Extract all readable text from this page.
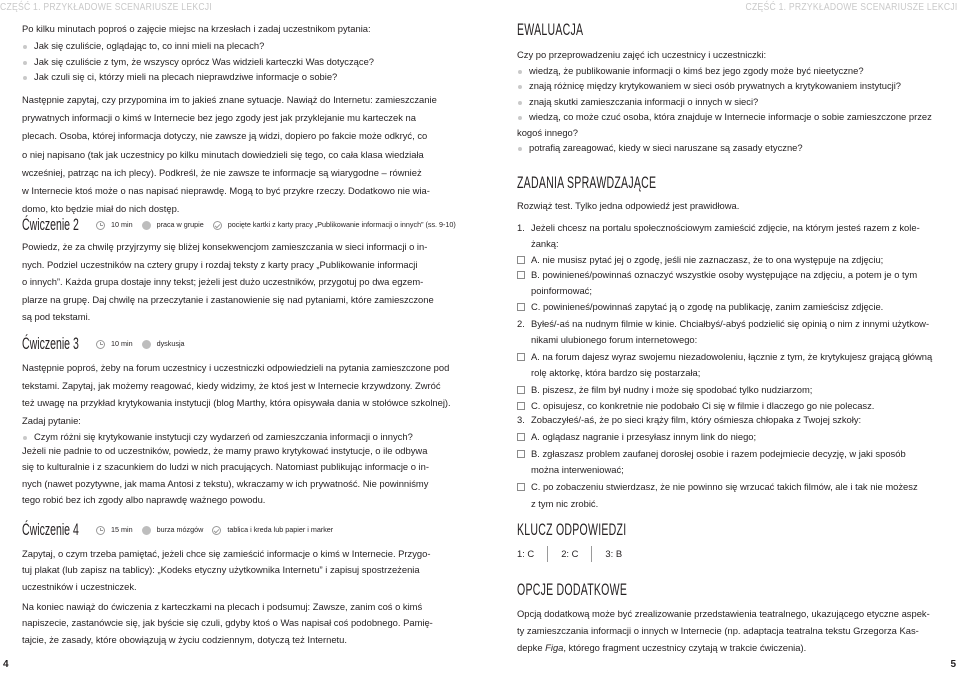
CZĘŚĆ 1. PRZYKŁADOWE SCENARIUSZE LEKCJI	CZĘŚĆ 1. PRZYKŁADOWE SCENARIUSZE LEKCJI

Po kilku minutach poproś o zajęcie miejsc na krzesłach i zadaj uczestnikom pytania:

Jak się czuliście, oglądając to, co inni mieli na plecach?

Jak się czuliście z tym, że wszyscy oprócz Was widzieli karteczki Was dotyczące?

Jak czuli się ci, którzy mieli na plecach nieprawdziwe informacje o sobie?

Następnie zapytaj, czy przypomina im to jakieś znane sytuacje. Nawiąż do Internetu: zamieszczanie
prywatnych informacji o kimś w Internecie bez jego zgody jest jak przyklejanie mu karteczek na
plecach. Osoba, której informacja dotyczy, nie zawsze ją widzi, dopiero po fakcie może odkryć, co
o niej napisano (tak jak uczestnicy po kilku minutach dowiedzieli się tego, co cała klasa wiedziała
wcześniej, patrząc na ich plecy). Podkreśl, że nie zawsze te informacje są wiarygodne – również
w Internecie ktoś może o nas napisać nieprawdę. Mogą to być przykre rzeczy. Dodatkowo nie wia-
domo, kto będzie miał do nich dostęp.

Ćwiczenie 2	10 min	praca w grupie	pocięte kartki z karty pracy „Publikowanie informacji o innych” (ss. 9-10)

Powiedz, że za chwilę przyjrzymy się bliżej konsekwencjom zamieszczania w sieci informacji o in-
nych. Podziel uczestników na cztery grupy i rozdaj teksty z karty pracy „Publikowanie informacji
o innych”. Każda grupa dostaje inny tekst; jeżeli jest dużo uczestników, przygotuj po dwa egzem-
plarze na grupę. Daj chwilę na przeczytanie i zastanowienie się nad pytaniami, które zamieszczone
są pod tekstami.

Ćwiczenie 3	10 min	dyskusja

Następnie poproś, żeby na forum uczestnicy i uczestniczki odpowiedzieli na pytania zamieszczone pod
tekstami. Zapytaj, jak możemy reagować, kiedy widzimy, że ktoś jest w Internecie krzywdzony. Zwróć
też uwagę na przykład krytykowania instytucji (blog Marthy, która opisywała dania w stołówce szkolnej).

Zadaj pytanie:

Czym różni się krytykowanie instytucji czy wydarzeń od zamieszczania informacji o innych?

Jeżeli nie padnie to od uczestników, powiedz, że mamy prawo krytykować instytucje, o ile odbywa
się to kulturalnie i z szacunkiem do ludzi w nich pracujących. Natomiast publikując informacje o in-
nych (nawet pozytywne, jak mama Antosi z tekstu), wkraczamy w ich prywatność. Nie powinniśmy
tego robić bez ich zgody albo naprawdę ważnego powodu.

Ćwiczenie 4	15 min	burza mózgów	tablica i kreda lub papier i marker

Zapytaj, o czym trzeba pamiętać, jeżeli chce się zamieścić informacje o kimś w Internecie. Przygo-
tuj plakat (lub zapisz na tablicy): „Kodeks etyczny użytkownika Internetu” i zapisuj spostrzeżenia
uczestników i uczestniczek.

Na koniec nawiąż do ćwiczenia z karteczkami na plecach i podsumuj: Zawsze, zanim coś o kimś
napiszecie, zastanówcie się, jak byście się czuli, gdyby ktoś o Was napisał coś podobnego. Pamię-
tajcie, że zasady, które obowiązują w życiu codziennym, dotyczą też Internetu.

EWALUACJA

Czy po przeprowadzeniu zajęć ich uczestnicy i uczestniczki:

wiedzą, że publikowanie informacji o kimś bez jego zgody może być nieetyczne?

znają różnicę między krytykowaniem w sieci osób prywatnych a krytykowaniem instytucji?

znają skutki zamieszczania informacji o innych w sieci?

wiedzą, co może czuć osoba, która znajduje w Internecie informacje o sobie zamieszczone przez

kogoś innego?

potrafią zareagować, kiedy w sieci naruszane są zasady etyczne?

ZADANIA SPRAWDZAJĄCE

Rozwiąż test. Tylko jedna odpowiedź jest prawidłowa.

1. Jeżeli chcesz na portalu społecznościowym zamieścić zdjęcie, na którym jesteś razem z kole-
żanką:

A. nie musisz pytać jej o zgodę, jeśli nie zaznaczasz, że to ona występuje na zdjęciu;

B. powinieneś/powinnaś oznaczyć wszystkie osoby występujące na zdjęciu, a potem je o tym
poinformować;

C. powinieneś/powinnaś zapytać ją o zgodę na publikację, zanim zamieścisz zdjęcie.

2. Byłeś/-aś na nudnym filmie w kinie. Chciałbyś/-abyś podzielić się opinią o nim z innymi użytkow-
nikami ulubionego forum internetowego:

A. na forum dajesz wyraz swojemu niezadowoleniu, łącznie z tym, że krytykujesz grającą główną
rolę aktorkę, która bardzo się postarzała;

B. piszesz, że film był nudny i może się spodobać tylko nudziarzom;

C. opisujesz, co konkretnie nie podobało Ci się w filmie i dlaczego go nie polecasz.

3. Zobaczyłeś/-aś, że po sieci krąży film, który ośmiesza chłopaka z Twojej szkoły:

A. oglądasz nagranie i przesyłasz innym link do niego;

B. zgłaszasz problem zaufanej dorosłej osobie i razem podejmiecie decyzję, w jaki sposób
można interweniować;

C. po zobaczeniu stwierdzasz, że nie powinno się wrzucać takich filmów, ale i tak nie możesz
z tym nic zrobić.

KLUCZ ODPOWIEDZI
1: C	2: C	3: B
OPCJE DODATKOWE

Opcją dodatkową może być zrealizowanie przedstawienia teatralnego, ukazującego etyczne aspek-
ty zamieszczania informacji o innych w Internecie (np. adaptacja teatralna tekstu Grzegorza Kas-
depke Figa, którego fragment uczestnicy czytają w trakcie ćwiczenia).

4	5
